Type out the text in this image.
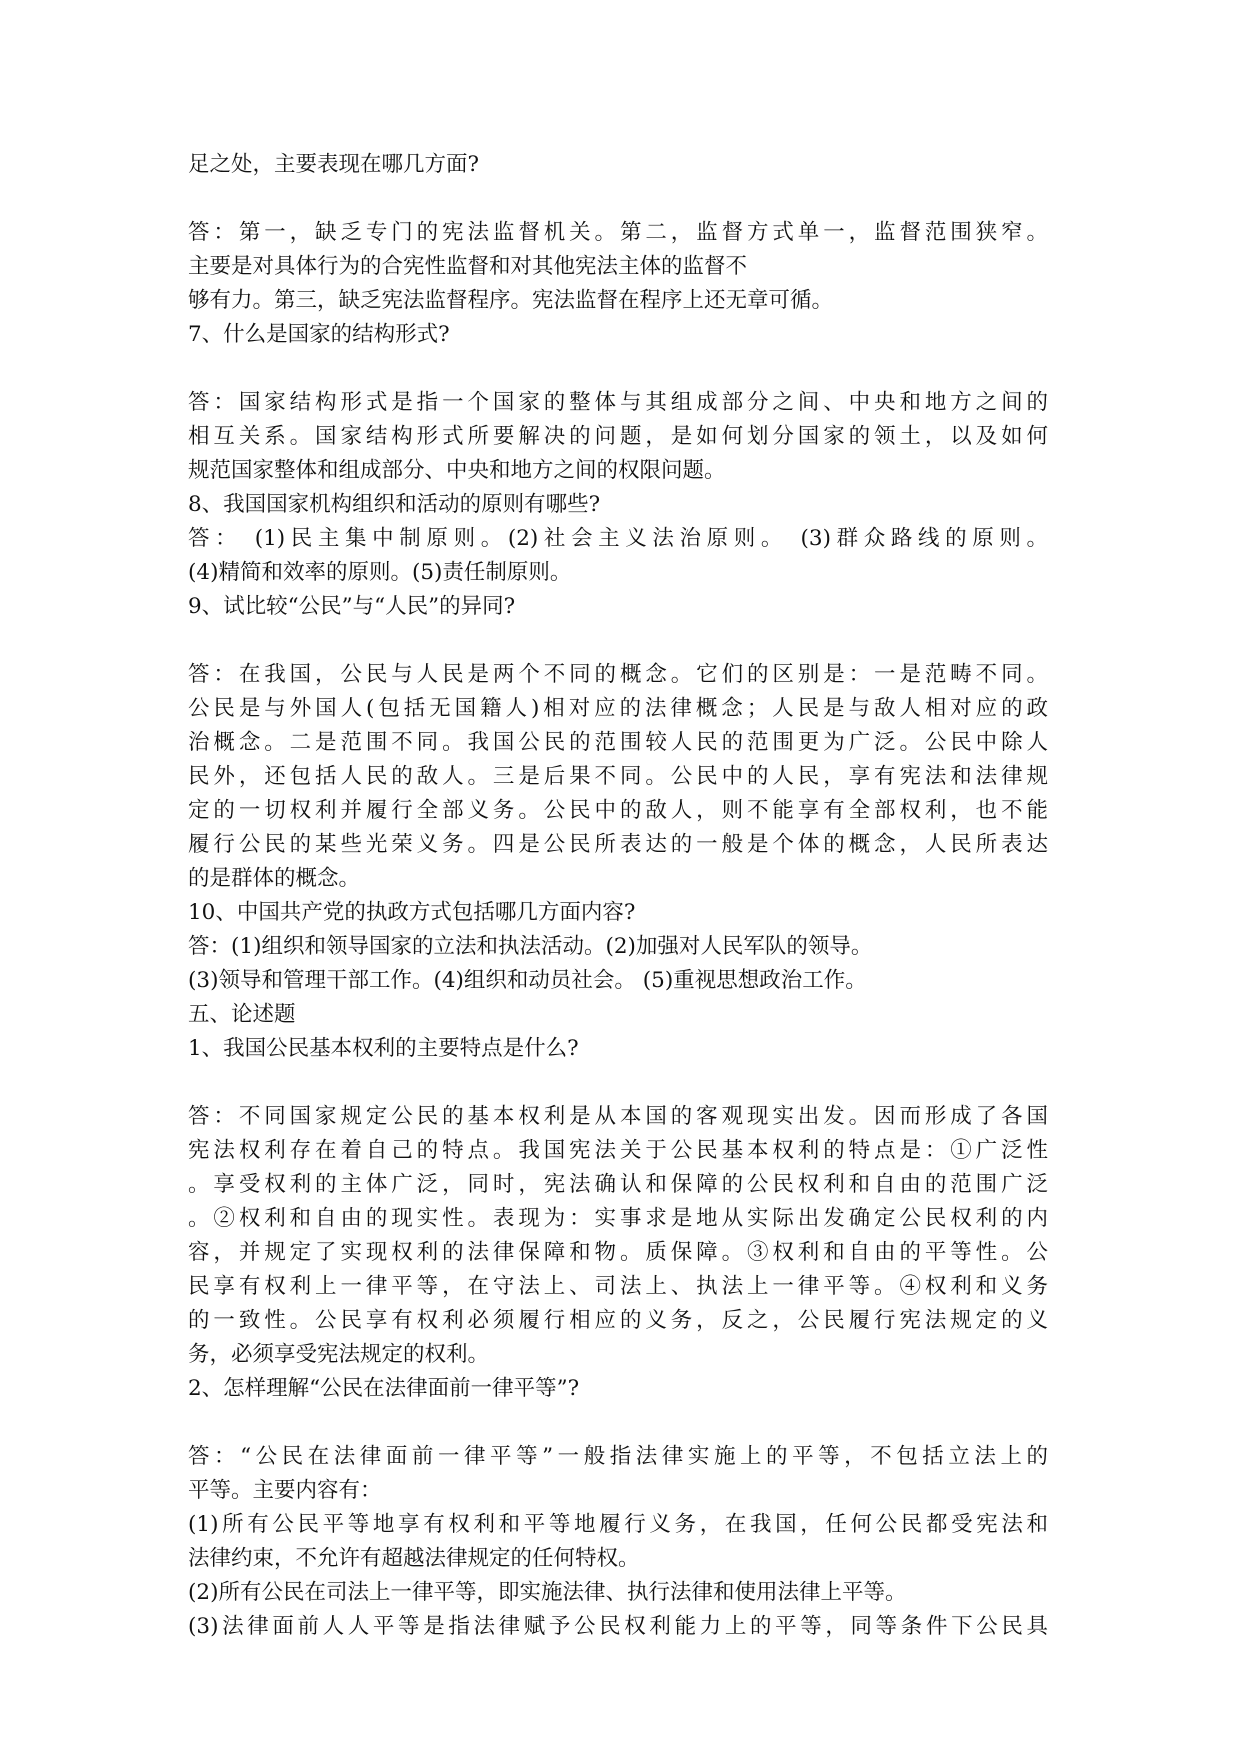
足之处，主要表现在哪几方面?
答：第一，缺乏专门的宪法监督机关。第二，监督方式单一，监督范围狭窄。
主要是对具体行为的合宪性监督和对其他宪法主体的监督不
够有力。第三，缺乏宪法监督程序。宪法监督在程序上还无章可循。
7、什么是国家的结构形式?
答：国家结构形式是指一个国家的整体与其组成部分之间、中央和地方之间的
相互关系。国家结构形式所要解决的问题，是如何划分国家的领土，以及如何
规范国家整体和组成部分、中央和地方之间的权限问题。
8、我国国家机构组织和活动的原则有哪些?
答： (1)民主集中制原则。(2)社会主义法治原则。 (3)群众路线的原则。
(4)精简和效率的原则。(5)责任制原则。
9、试比较“公民”与“人民”的异同?
答：在我国，公民与人民是两个不同的概念。它们的区别是：一是范畴不同。
公民是与外国人(包括无国籍人)相对应的法律概念；人民是与敌人相对应的政
治概念。二是范围不同。我国公民的范围较人民的范围更为广泛。公民中除人
民外，还包括人民的敌人。三是后果不同。公民中的人民，享有宪法和法律规
定的一切权利并履行全部义务。公民中的敌人，则不能享有全部权利，也不能
履行公民的某些光荣义务。四是公民所表达的一般是个体的概念，人民所表达
的是群体的概念。
10、中国共产党的执政方式包括哪几方面内容?
答：(1)组织和领导国家的立法和执法活动。(2)加强对人民军队的领导。
(3)领导和管理干部工作。(4)组织和动员社会。 (5)重视思想政治工作。
五、论述题
1、我国公民基本权利的主要特点是什么?
答：不同国家规定公民的基本权利是从本国的客观现实出发。因而形成了各国
宪法权利存在着自己的特点。我国宪法关于公民基本权利的特点是：①广泛性
。享受权利的主体广泛，同时，宪法确认和保障的公民权利和自由的范围广泛
。②权利和自由的现实性。表现为：实事求是地从实际出发确定公民权利的内
容，并规定了实现权利的法律保障和物。质保障。③权利和自由的平等性。公
民享有权利上一律平等，在守法上、司法上、执法上一律平等。④权利和义务
的一致性。公民享有权利必须履行相应的义务，反之，公民履行宪法规定的义
务，必须享受宪法规定的权利。
2、怎样理解“公民在法律面前一律平等”?
答：“公民在法律面前一律平等”一般指法律实施上的平等，不包括立法上的
平等。主要内容有：
(1)所有公民平等地享有权利和平等地履行义务，在我国，任何公民都受宪法和
法律约束，不允许有超越法律规定的任何特权。
(2)所有公民在司法上一律平等，即实施法律、执行法律和使用法律上平等。
(3)法律面前人人平等是指法律赋予公民权利能力上的平等，同等条件下公民具
